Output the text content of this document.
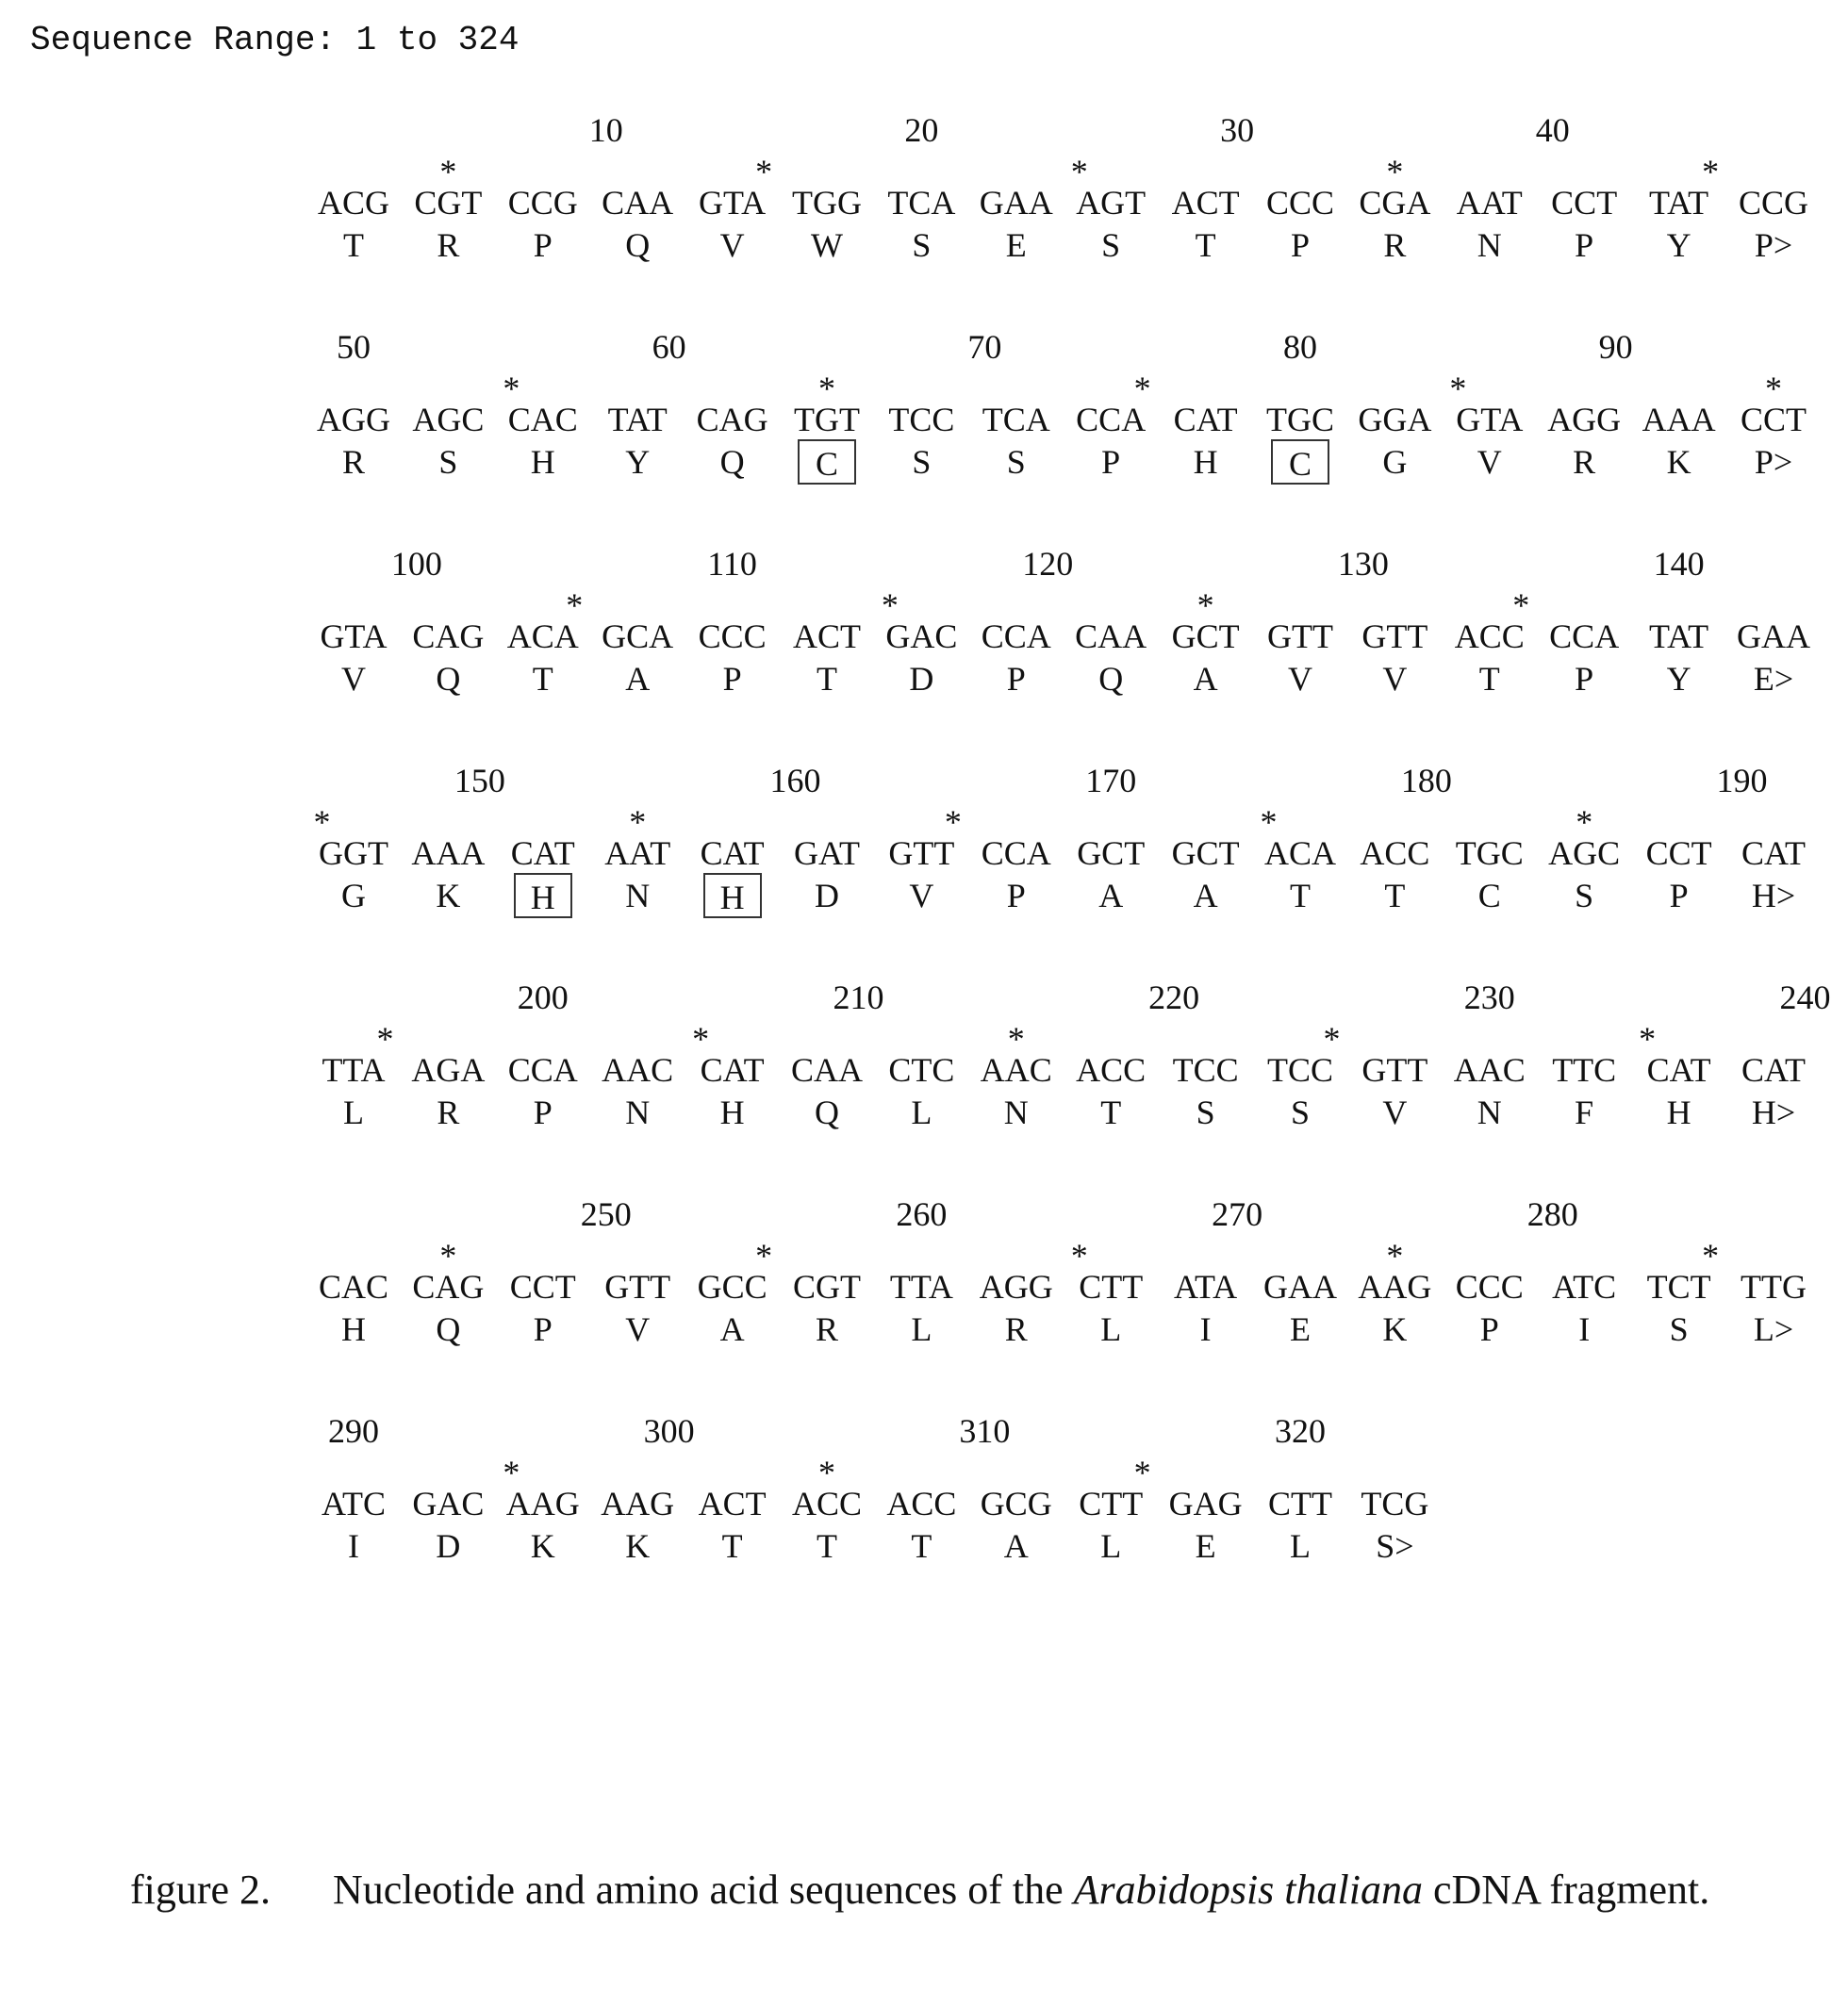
Sequence Range: 1 to 324
10	20	30	40
*	*	*	*	*
ACG CGT CCG CAA GTA TGG TCA GAA AGT ACT CCC CGA AAT CCT TAT CCG
T	R	P	Q	V	W	S	E	S	T	P	R	N	P	Y	P>
50	60	70	80	90
*	*	*	*	*
AGG AGC CAC TAT CAG TGT TCC TCA CCA CAT TGC GGA GTA AGG AAA CCT
R	S	H	Y	Q	C	S	S	P	H	C	G	V	R	K	P>
100	110	120	130	140
*	*	*	*
GTA CAG ACA GCA CCC ACT GAC CCA CAA GCT GTT GTT ACC CCA TAT GAA
V	Q	T	A	P	T	D	P	Q	A	V	V	T	P	Y	E>
150	160	170	180	190
*	*	*	*	*
GGT AAA CAT AAT CAT GAT GTT CCA GCT GCT ACA ACC TGC AGC CCT CAT
G	K	H	N	H	D	V	P	A	A	T	T	C	S	P	H>
200	210	220	230	240
*	*	*	*	*
TTA AGA CCA AAC CAT CAA CTC AAC ACC TCC TCC GTT AAC TTC CAT CAT
L	R	P	N	H	Q	L	N	T	S	S	V	N	F	H	H>
250	260	270	280
*	*	*	*	*
CAC CAG CCT GTT GCC CGT TTA AGG CTT ATA GAA AAG CCC ATC TCT TTG
H	Q	P	V	A	R	L	R	L	I	E	K	P	I	S	L>
290	300	310	320
*	*	*
ATC GAC AAG AAG ACT ACC ACC GCG CTT GAG CTT TCG
I	D	K	K	T	T	T	A	L	E	L	S>
figure 2. Nucleotide and amino acid sequences of the Arabidopsis thaliana cDNA fragment.
